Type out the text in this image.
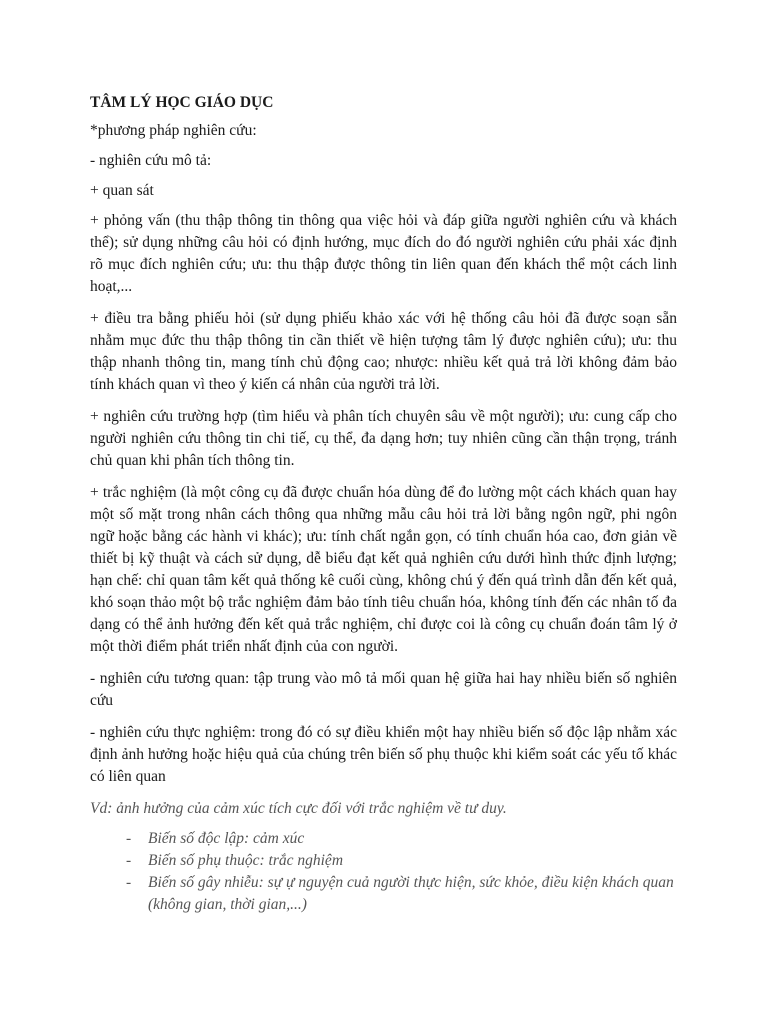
TÂM LÝ HỌC GIÁO DỤC

*phương pháp nghiên cứu:

- nghiên cứu mô tả:

+ quan sát

+ phỏng vấn (thu thập thông tin thông qua việc hỏi và đáp giữa người nghiên cứu và khách thể); sử dụng những câu hỏi có định hướng, mục đích do đó người nghiên cứu phải xác định rõ mục đích nghiên cứu; ưu: thu thập được thông tin liên quan đến khách thể một cách linh hoạt,...

+ điều tra bằng phiếu hỏi (sử dụng phiếu khảo xác với hệ thống câu hỏi đã được soạn sẵn nhằm mục đức thu thập thông tin cần thiết về hiện tượng tâm lý được nghiên cứu); ưu: thu thập nhanh thông tin, mang tính chủ động cao; nhược: nhiều kết quả trả lời không đảm bảo tính khách quan vì theo ý kiến cá nhân của người trả lời.

+ nghiên cứu trường hợp (tìm hiểu và phân tích chuyên sâu về một người); ưu: cung cấp cho người nghiên cứu thông tin chi tiế, cụ thể, đa dạng hơn; tuy nhiên cũng cần thận trọng, tránh chủ quan khi phân tích thông tin.

+ trắc nghiệm (là một công cụ đã được chuẩn hóa dùng để đo lường một cách khách quan hay một số mặt trong nhân cách thông qua những mẫu câu hỏi trả lời bằng ngôn ngữ, phi ngôn ngữ hoặc bằng các hành vi khác); ưu: tính chất ngắn gọn, có tính chuẩn hóa cao, đơn giản về thiết bị kỹ thuật và cách sử dụng, dễ biểu đạt kết quả nghiên cứu dưới hình thức định lượng; hạn chế: chỉ quan tâm kết quả thống kê cuối cùng, không chú ý đến quá trình dẫn đến kết quả, khó soạn thảo một bộ trắc nghiệm đảm bảo tính tiêu chuẩn hóa, không tính đến các nhân tố đa dạng có thể ảnh hưởng đến kết quả trắc nghiệm, chỉ được coi là công cụ chuẩn đoán tâm lý ở một thời điểm phát triển nhất định của con người.

- nghiên cứu tương quan: tập trung vào mô tả mối quan hệ giữa hai hay nhiều biến số nghiên cứu

- nghiên cứu thực nghiệm: trong đó có sự điều khiển một hay nhiều biến số độc lập nhằm xác định ảnh hưởng hoặc hiệu quả của chúng trên biến số phụ thuộc khi kiểm soát các yếu tố khác có liên quan

Vd: ảnh hưởng của cảm xúc tích cực đối với trắc nghiệm về tư duy.

- Biến số độc lập: cảm xúc
- Biến số phụ thuộc: trắc nghiệm
- Biến số gây nhiễu: sự ự nguyện cuả người thực hiện, sức khỏe, điều kiện khách quan (không gian, thời gian,...)
